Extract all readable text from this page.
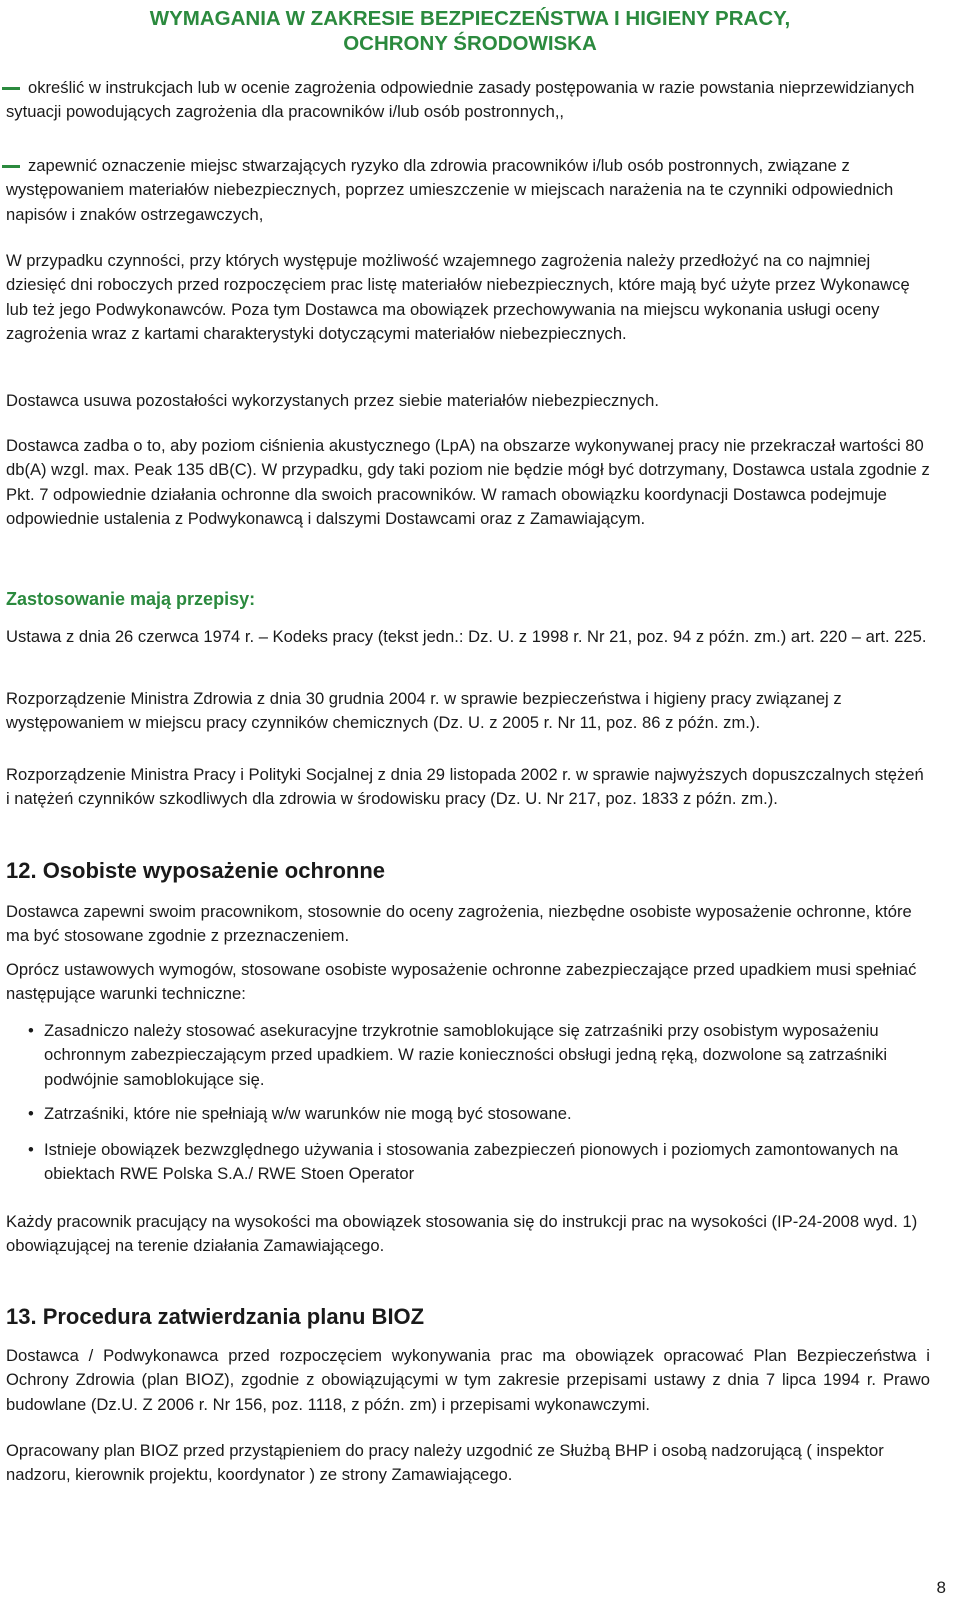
WYMAGANIA W ZAKRESIE BEZPIECZEŃSTWA I HIGIENY PRACY,
OCHRONY ŚRODOWISKA
określić w instrukcjach lub w ocenie zagrożenia odpowiednie zasady postępowania w razie powstania nieprzewidzianych sytuacji powodujących zagrożenia dla pracowników i/lub osób postronnych,,
zapewnić oznaczenie miejsc stwarzających ryzyko dla zdrowia pracowników i/lub osób postronnych, związane z występowaniem materiałów niebezpiecznych, poprzez umieszczenie w miejscach narażenia na te czynniki odpowiednich napisów i znaków ostrzegawczych,

W przypadku czynności, przy których występuje możliwość wzajemnego zagrożenia należy przedłożyć na co najmniej dziesięć dni roboczych przed rozpoczęciem prac listę materiałów niebezpiecznych, które mają być użyte przez Wykonawcę lub też jego Podwykonawców. Poza tym Dostawca ma obowiązek przechowywania na miejscu wykonania usługi oceny zagrożenia wraz z kartami charakterystyki dotyczącymi materiałów niebezpiecznych.

Dostawca usuwa pozostałości wykorzystanych przez siebie materiałów niebezpiecznych.

Dostawca zadba o to, aby poziom ciśnienia akustycznego (LpA) na obszarze wykonywanej pracy nie przekraczał wartości 80 db(A) wzgl. max. Peak 135 dB(C). W przypadku, gdy taki poziom nie będzie mógł być dotrzymany, Dostawca ustala zgodnie z Pkt. 7 odpowiednie działania ochronne dla swoich pracowników. W ramach obowiązku koordynacji Dostawca podejmuje odpowiednie ustalenia z Podwykonawcą i dalszymi Dostawcami oraz z Zamawiającym.

Zastosowanie mają przepisy:

Ustawa z dnia 26 czerwca 1974 r. – Kodeks pracy (tekst jedn.: Dz. U. z 1998 r. Nr 21, poz. 94 z późn. zm.) art. 220 – art. 225.

Rozporządzenie Ministra Zdrowia z dnia 30 grudnia 2004 r. w sprawie bezpieczeństwa i higieny pracy związanej z występowaniem w miejscu pracy czynników chemicznych (Dz. U. z 2005 r. Nr 11, poz. 86 z późn. zm.).

Rozporządzenie Ministra Pracy i Polityki Socjalnej z dnia 29 listopada 2002 r. w sprawie najwyższych dopuszczalnych stężeń i natężeń czynników szkodliwych dla zdrowia w środowisku pracy (Dz. U. Nr 217, poz. 1833 z późn. zm.).

12. Osobiste wyposażenie ochronne

Dostawca zapewni swoim pracownikom, stosownie do oceny zagrożenia, niezbędne osobiste wyposażenie ochronne, które ma być stosowane zgodnie z przeznaczeniem.

Oprócz ustawowych wymogów, stosowane osobiste wyposażenie ochronne zabezpieczające przed upadkiem musi spełniać następujące warunki techniczne:

• Zasadniczo należy stosować asekuracyjne trzykrotnie samoblokujące się zatrzaśniki przy osobistym wyposażeniu ochronnym zabezpieczającym przed upadkiem. W razie konieczności obsługi jedną ręką, dozwolone są zatrzaśniki podwójnie samoblokujące się.
• Zatrzaśniki, które nie spełniają w/w warunków nie mogą być stosowane.
• Istnieje obowiązek bezwzględnego używania i stosowania zabezpieczeń pionowych i poziomych zamontowanych na obiektach RWE Polska S.A./ RWE Stoen Operator

Każdy pracownik pracujący na wysokości ma obowiązek stosowania się do instrukcji prac na wysokości (IP-24-2008 wyd. 1) obowiązującej na terenie działania Zamawiającego.

13. Procedura zatwierdzania planu BIOZ

Dostawca / Podwykonawca przed rozpoczęciem wykonywania prac ma obowiązek opracować Plan Bezpieczeństwa i Ochrony Zdrowia (plan BIOZ), zgodnie z obowiązującymi w tym zakresie przepisami ustawy z dnia 7 lipca 1994 r. Prawo budowlane (Dz.U. Z 2006 r. Nr 156, poz. 1118, z późn. zm) i przepisami wykonawczymi.

Opracowany plan BIOZ przed przystąpieniem do pracy należy uzgodnić ze Służbą BHP i osobą nadzorującą ( inspektor nadzoru, kierownik projektu, koordynator ) ze strony Zamawiającego.

8
